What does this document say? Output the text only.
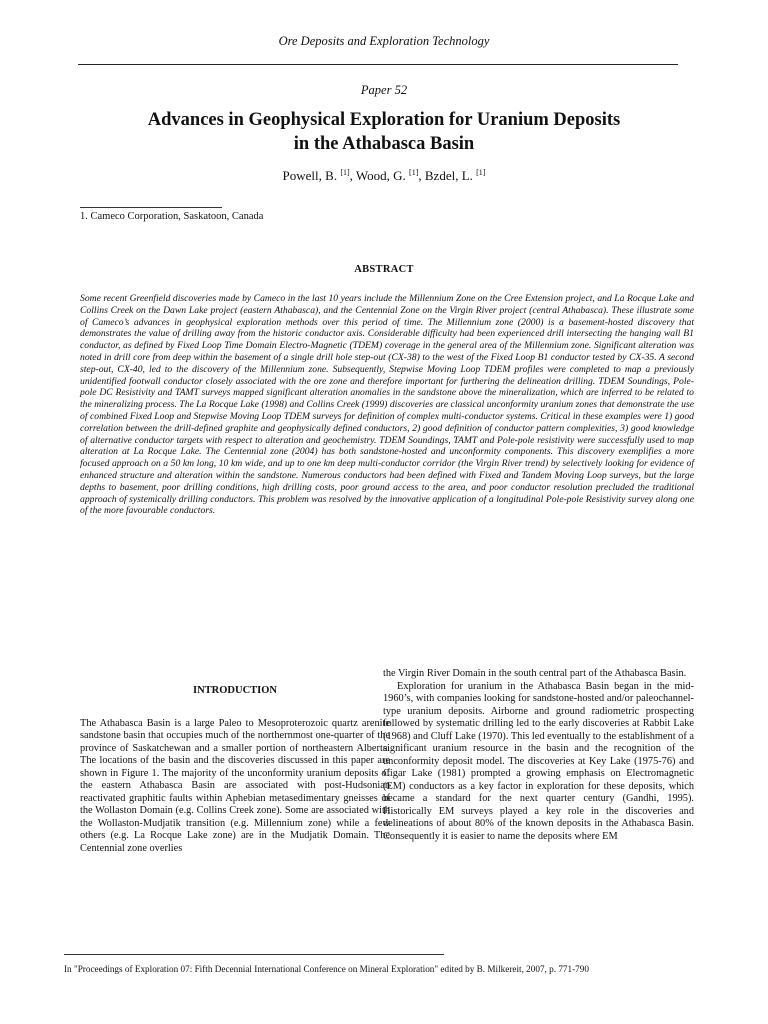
Ore Deposits and Exploration Technology
Paper 52
Advances in Geophysical Exploration for Uranium Deposits
in the Athabasca Basin
Powell, B. [1], Wood, G. [1], Bzdel, L. [1]
1. Cameco Corporation, Saskatoon, Canada
ABSTRACT

Some recent Greenfield discoveries made by Cameco in the last 10 years include the Millennium Zone on the Cree Extension project, and La Rocque Lake and Collins Creek on the Dawn Lake project (eastern Athabasca), and the Centennial Zone on the Virgin River project (central Athabasca). These illustrate some of Cameco’s advances in geophysical exploration methods over this period of time. The Millennium zone (2000) is a basement-hosted discovery that demonstrates the value of drilling away from the historic conductor axis. Considerable difficulty had been experienced drill intersecting the hanging wall B1 conductor, as defined by Fixed Loop Time Domain Electro-Magnetic (TDEM) coverage in the general area of the Millennium zone. Significant alteration was noted in drill core from deep within the basement of a single drill hole step-out (CX-38) to the west of the Fixed Loop B1 conductor tested by CX-35. A second step-out, CX-40, led to the discovery of the Millennium zone. Subsequently, Stepwise Moving Loop TDEM profiles were completed to map a previously unidentified footwall conductor closely associated with the ore zone and therefore important for furthering the delineation drilling. TDEM Soundings, Pole-pole DC Resistivity and TAMT surveys mapped significant alteration anomalies in the sandstone above the mineralization, which are inferred to be related to the mineralizing process. The La Rocque Lake (1998) and Collins Creek (1999) discoveries are classical unconformity uranium zones that demonstrate the use of combined Fixed Loop and Stepwise Moving Loop TDEM surveys for definition of complex multi-conductor systems. Critical in these examples were 1) good correlation between the drill-defined graphite and geophysically defined conductors, 2) good definition of conductor pattern complexities, 3) good knowledge of alternative conductor targets with respect to alteration and geochemistry. TDEM Soundings, TAMT and Pole-pole resistivity were successfully used to map alteration at La Rocque Lake. The Centennial zone (2004) has both sandstone-hosted and unconformity components. This discovery exemplifies a more focused approach on a 50 km long, 10 km wide, and up to one km deep multi-conductor corridor (the Virgin River trend) by selectively looking for evidence of enhanced structure and alteration within the sandstone. Numerous conductors had been defined with Fixed and Tandem Moving Loop surveys, but the large depths to basement, poor drilling conditions, high drilling costs, poor ground access to the area, and poor conductor resolution precluded the traditional approach of systemically drilling conductors. This problem was resolved by the innovative application of a longitudinal Pole-pole Resistivity survey along one of the more favourable conductors.

INTRODUCTION

The Athabasca Basin is a large Paleo to Mesoproterozoic quartz arenite sandstone basin that occupies much of the northernmost one-quarter of the province of Saskatchewan and a smaller portion of northeastern Alberta. The locations of the basin and the discoveries discussed in this paper are shown in Figure 1. The majority of the unconformity uranium deposits of the eastern Athabasca Basin are associated with post-Hudsonian reactivated graphitic faults within Aphebian metasedimentary gneisses of the Wollaston Domain (e.g. Collins Creek zone). Some are associated with the Wollaston-Mudjatik transition (e.g. Millennium zone) while a few others (e.g. La Rocque Lake zone) are in the Mudjatik Domain. The Centennial zone overlies

the Virgin River Domain in the south central part of the Athabasca Basin.

Exploration for uranium in the Athabasca Basin began in the mid-1960’s, with companies looking for sandstone-hosted and/or paleochannel-type uranium deposits. Airborne and ground radiometric prospecting followed by systematic drilling led to the early discoveries at Rabbit Lake (1968) and Cluff Lake (1970). This led eventually to the establishment of a significant uranium resource in the basin and the recognition of the unconformity deposit model. The discoveries at Key Lake (1975-76) and Cigar Lake (1981) prompted a growing emphasis on Electromagnetic (EM) conductors as a key factor in exploration for these deposits, which became a standard for the next quarter century (Gandhi, 1995). Historically EM surveys played a key role in the discoveries and delineations of about 80% of the known deposits in the Athabasca Basin. Consequently it is easier to name the deposits where EM

In "Proceedings of Exploration 07: Fifth Decennial International Conference on Mineral Exploration" edited by B. Milkereit, 2007, p. 771-790
